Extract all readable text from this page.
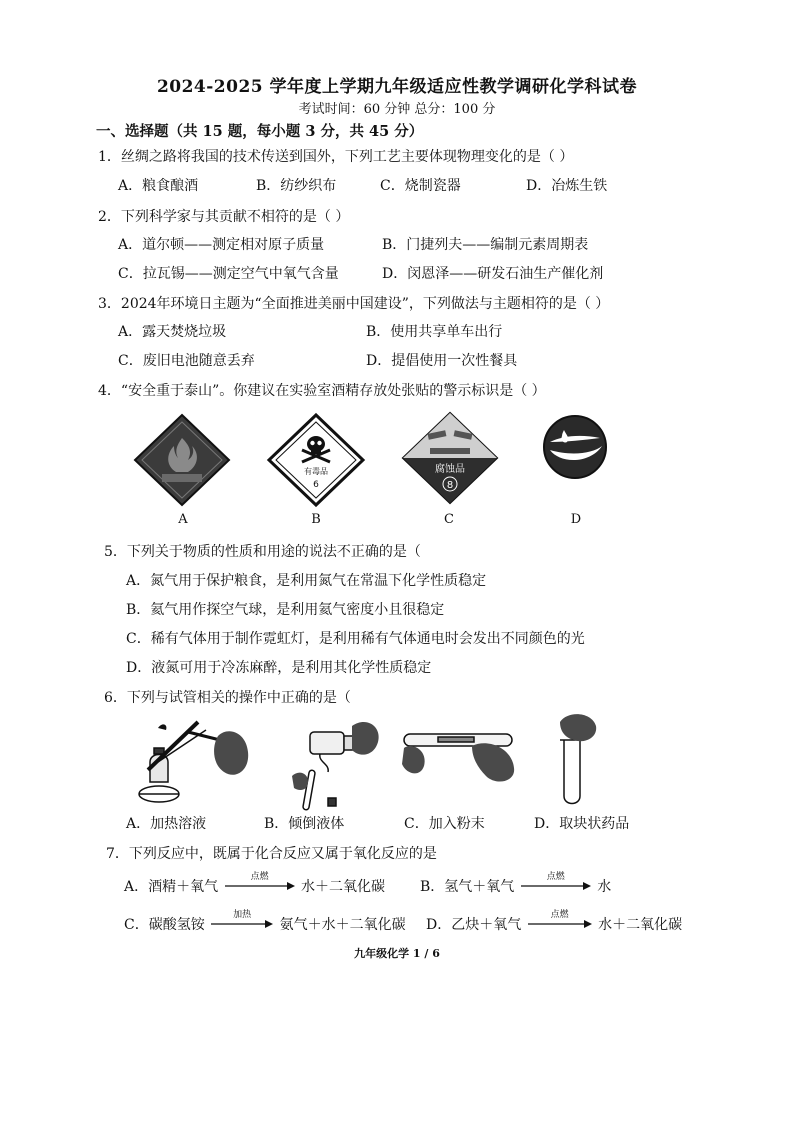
2024-2025 学年度上学期九年级适应性教学调研化学科试卷
考试时间：60 分钟 总分：100 分
一、选择题（共 15 题，每小题 3 分，共 45 分）
1．丝绸之路将我国的技术传送到国外，下列工艺主要体现物理变化的是（ ）
A．粮食酿酒	B．纺纱织布	C．烧制瓷器	D．冶炼生铁
2．下列科学家与其贡献不相符的是（ ）
A．道尔顿——测定相对原子质量	B．门捷列夫——编制元素周期表
C．拉瓦锡——测定空气中氧气含量	D．闵恩泽——研发石油生产催化剂
3．2024年环境日主题为“全面推进美丽中国建设”，下列做法与主题相符的是（ ）
A．露天焚烧垃圾	B．使用共享单车出行
C．废旧电池随意丢弃	D．提倡使用一次性餐具
4．“安全重于泰山”。你建议在实验室酒精存放处张贴的警示标识是（ ）
有毒品
6
腐蚀品
8
A	B	C	D
5．下列关于物质的性质和用途的说法不正确的是（
A．氮气用于保护粮食，是利用氮气在常温下化学性质稳定
B．氦气用作探空气球，是利用氦气密度小且很稳定
C．稀有气体用于制作霓虹灯，是利用稀有气体通电时会发出不同颜色的光
D．液氮可用于冷冻麻醉，是利用其化学性质稳定
6．下列与试管相关的操作中正确的是（
A．加热溶液	B．倾倒液体	C．加入粉末	D．取块状药品
7．下列反应中，既属于化合反应又属于氧化反应的是
A．酒精＋氧气
点燃
水＋二氧化碳 B．氢气＋氧气
点燃
水
C．碳酸氢铵
加热
氨气＋水＋二氧化碳 D．乙炔＋氧气
点燃
水＋二氧化碳
九年级化学 1 / 6
